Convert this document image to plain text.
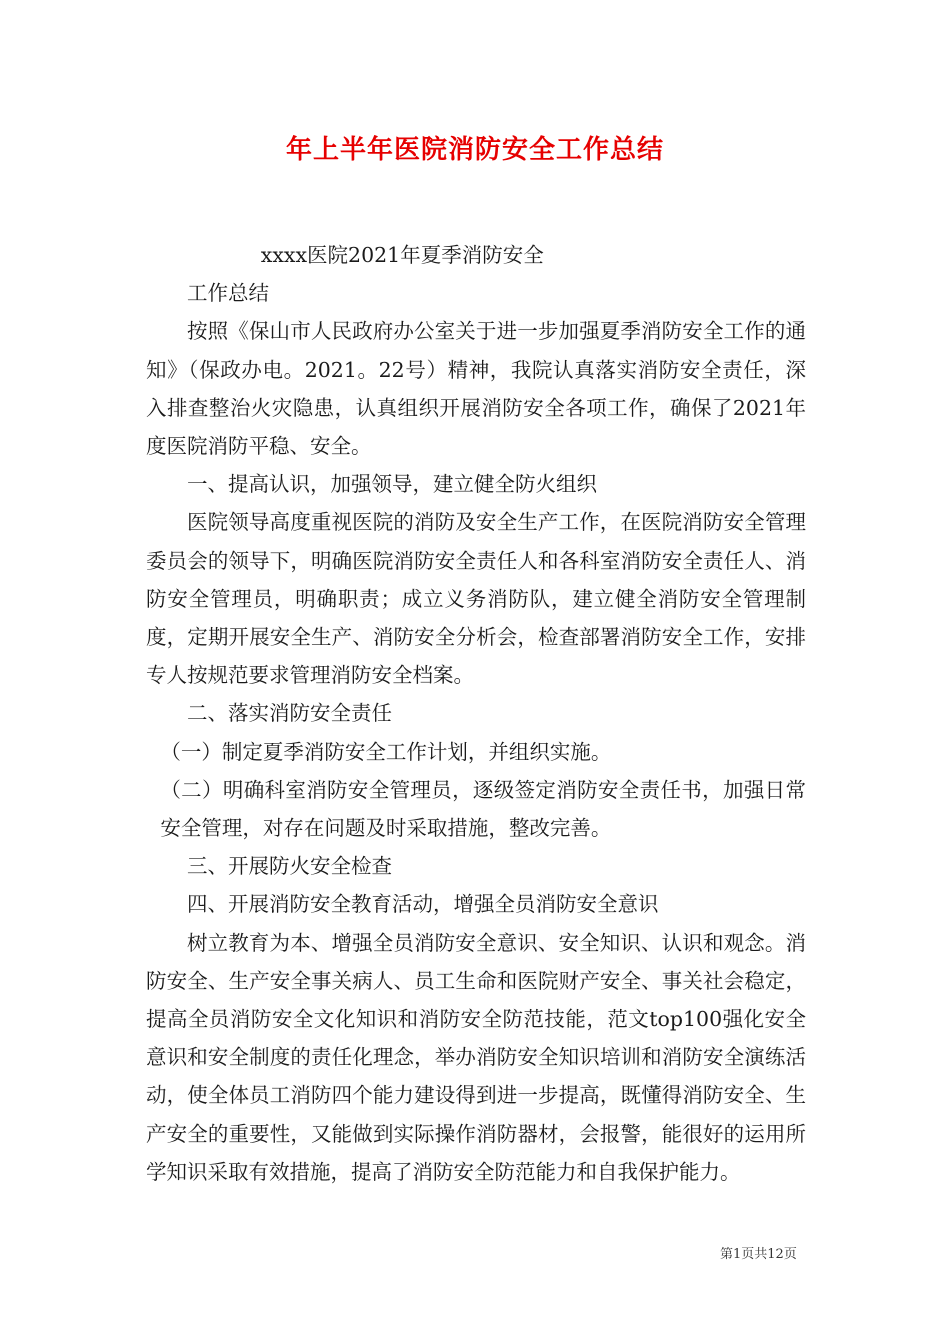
年上半年医院消防安全工作总结

xxxx医院2021年夏季消防安全

工作总结

按照《保山市人民政府办公室关于进一步加强夏季消防安全工作的通知》（保政办电。2021。22号）精神，我院认真落实消防安全责任，深入排查整治火灾隐患，认真组织开展消防安全各项工作，确保了2021年度医院消防平稳、安全。

一、提高认识，加强领导，建立健全防火组织

医院领导高度重视医院的消防及安全生产工作，在医院消防安全管理委员会的领导下，明确医院消防安全责任人和各科室消防安全责任人、消防安全管理员，明确职责；成立义务消防队，建立健全消防安全管理制度，定期开展安全生产、消防安全分析会，检查部署消防安全工作，安排专人按规范要求管理消防安全档案。

二、落实消防安全责任

（一）制定夏季消防安全工作计划，并组织实施。

（二）明确科室消防安全管理员，逐级签定消防安全责任书，加强日常安全管理，对存在问题及时采取措施，整改完善。

三、开展防火安全检查

四、开展消防安全教育活动，增强全员消防安全意识

树立教育为本、增强全员消防安全意识、安全知识、认识和观念。消防安全、生产安全事关病人、员工生命和医院财产安全、事关社会稳定，提高全员消防安全文化知识和消防安全防范技能，范文top100强化安全意识和安全制度的责任化理念，举办消防安全知识培训和消防安全演练活动，使全体员工消防四个能力建设得到进一步提高，既懂得消防安全、生产安全的重要性，又能做到实际操作消防器材，会报警，能很好的运用所学知识采取有效措施，提高了消防安全防范能力和自我保护能力。

第1页共12页
